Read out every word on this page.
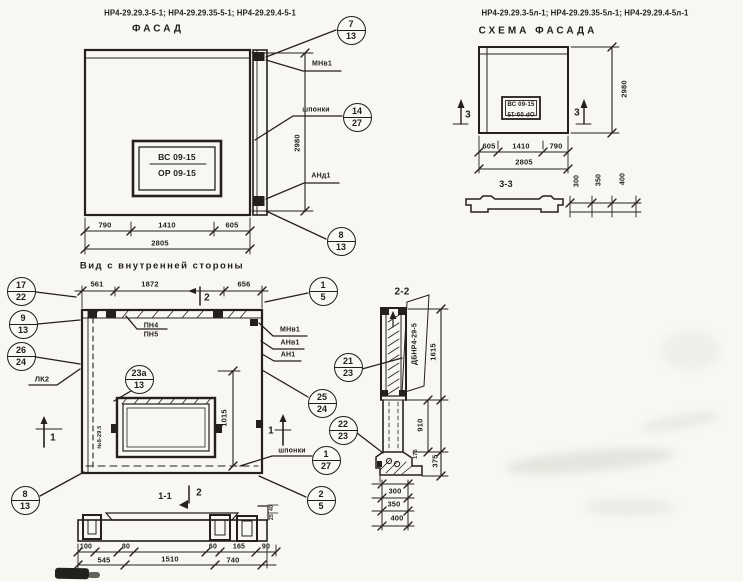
НР4-29.29.3-5-1; НР4-29.29.35-5-1; НР4-29.29.4-5-1
ФАСАД
НР4-29.29.3-5л-1; НР4-29.29.35-5л-1; НР4-29.29.4-5л-1
СХЕМА ФАСАДА
ВС 09-15
ОР 09-15
790	1410	605
2805
2980
МНв1
шпонки
АНд1
7
13
14
27
8
13
ВС 09-15
ОР 09-15
605 1410	790
2805
2980
3	3
3-3	300 350 400
Вид с внутренней стороны
561	1872	656
2
ПН4
ПН5
МНв1
АНв1
АН1
ЛК2
шпонки
1015
№8-29.5
1
1
1
5
17
22
9
13
26
24
23а
13
25
24
21
23
22
23
1
27
2
5
8
13
1-1 2
100	80	60 165 90
545	1510	740
40
25
2-2
ДБНР4-29-5 1615
910
375
175
300
350
400
